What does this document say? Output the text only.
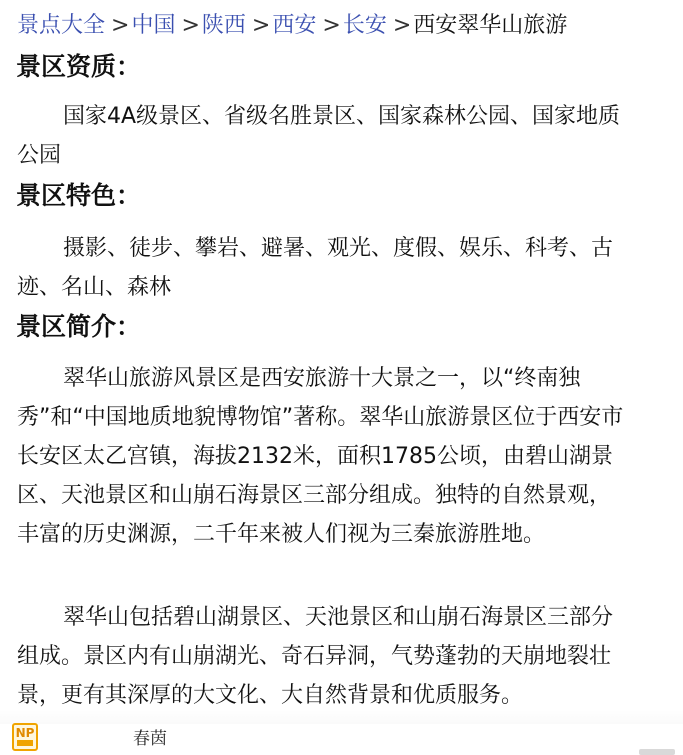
景点大全 >中国 >陕西 >西安 >长安 >西安翠华山旅游
景区资质：
国家4A级景区、省级名胜景区、国家森林公园、国家地质
公园
景区特色：
摄影、徒步、攀岩、避暑、观光、度假、娱乐、科考、古
迹、名山、森林
景区简介：
翠华山旅游风景区是西安旅游十大景之一，以“终南独
秀”和“中国地质地貌博物馆”著称。翠华山旅游景区位于西安市
长安区太乙宫镇，海拔2132米，面积1785公顷，由碧山湖景
区、天池景区和山崩石海景区三部分组成。独特的自然景观，
丰富的历史渊源，二千年来被人们视为三秦旅游胜地。
翠华山包括碧山湖景区、天池景区和山崩石海景区三部分
组成。景区内有山崩湖光、奇石异洞，气势蓬勃的天崩地裂壮
景，更有其深厚的大文化、大自然背景和优质服务。
NP	春茵
